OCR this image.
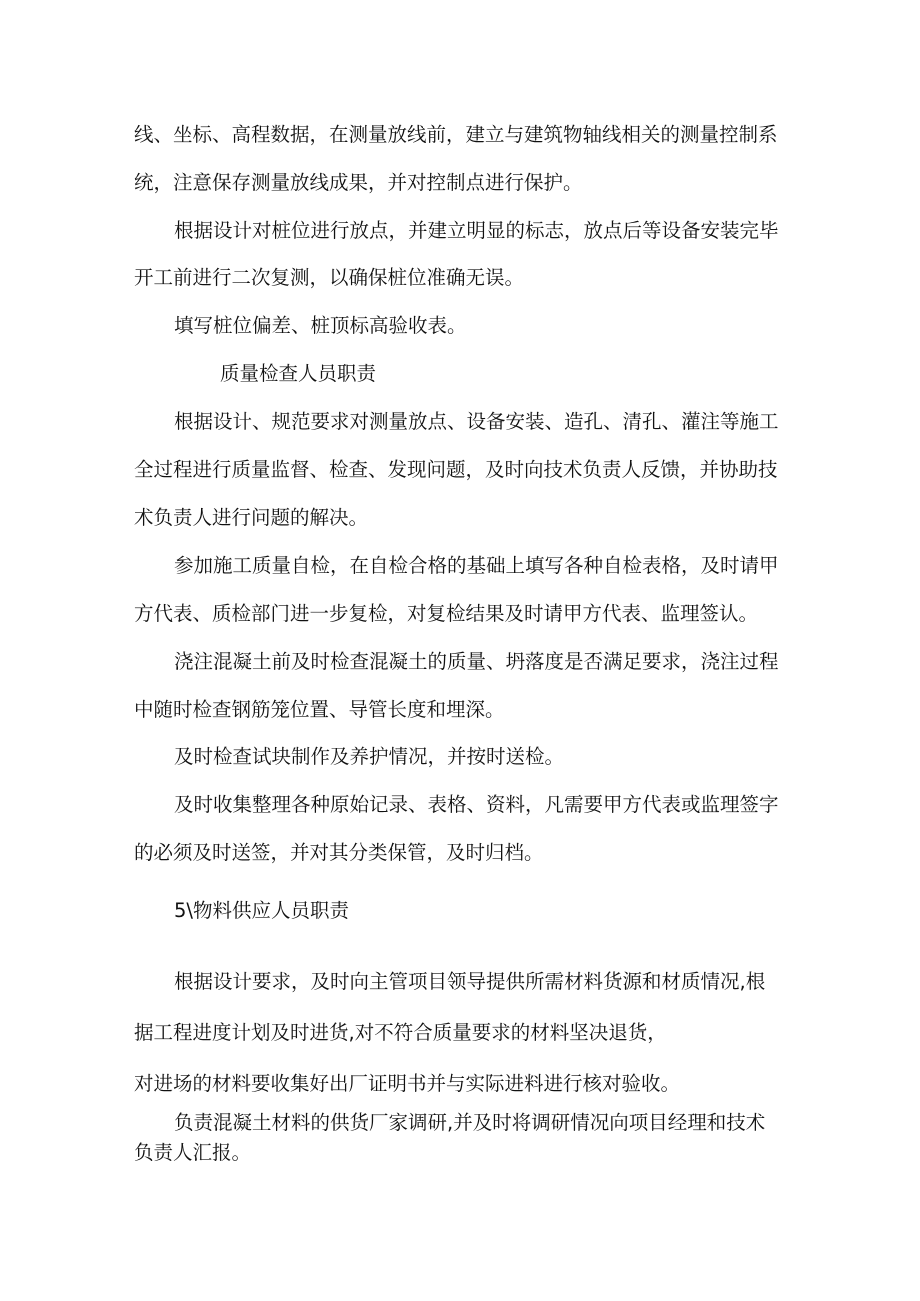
线、坐标、高程数据，在测量放线前，建立与建筑物轴线相关的测量控制系
统，注意保存测量放线成果，并对控制点进行保护。
根据设计对桩位进行放点，并建立明显的标志，放点后等设备安装完毕
开工前进行二次复测，以确保桩位准确无误。
填写桩位偏差、桩顶标高验收表。
质量检查人员职责
根据设计、规范要求对测量放点、设备安装、造孔、清孔、灌注等施工
全过程进行质量监督、检查、发现问题，及时向技术负责人反馈，并协助技
术负责人进行问题的解决。
参加施工质量自检，在自检合格的基础上填写各种自检表格，及时请甲
方代表、质检部门进一步复检，对复检结果及时请甲方代表、监理签认。
浇注混凝土前及时检查混凝土的质量、坍落度是否满足要求，浇注过程
中随时检查钢筋笼位置、导管长度和埋深。
及时检查试块制作及养护情况，并按时送检。
及时收集整理各种原始记录、表格、资料，凡需要甲方代表或监理签字
的必须及时送签，并对其分类保管，及时归档。
5\物料供应人员职责
根据设计要求，及时向主管项目领导提供所需材料货源和材质情况,根
据工程进度计划及时进货,对不符合质量要求的材料坚决退货，
对进场的材料要收集好出厂证明书并与实际进料进行核对验收。
负责混凝土材料的供货厂家调研,并及时将调研情况向项目经理和技术
负责人汇报。
